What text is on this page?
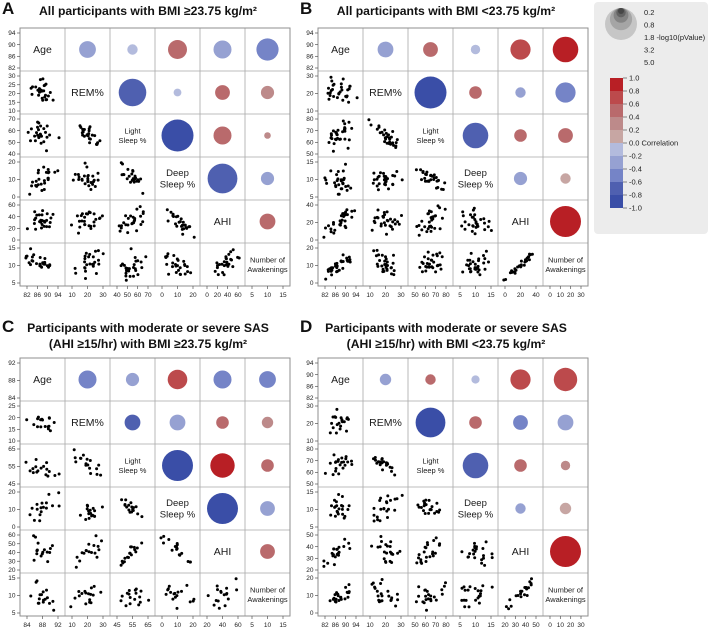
A	All participants with BMI ≥23.75 kg/m²
Age
REM%
Light
Sleep %
Deep
Sleep %
AHI
Number of
Awakenings
94
90
86
82
30
25
20
15
10
70
60
50
40
20
10
0
60
40
20
0
15
10
5
82 86 90 94 10 20 30 40 50 60 70 0 10 20 0 20 40 60 5 10 15
B	All participants with BMI <23.75 kg/m²
Age
REM%
Light
Sleep %
Deep
Sleep %
AHI
Number of
Awakenings
94
90
86
82
30
20
10
80
70
60
50
15
10
5
40
20
0
20
10
0
82 86 90 94 10 20 30 50 60 70 80 5 10 15 0 20 40 0 10 20 30
C	Participants with moderate or severe SAS
(AHI ≥15/hr) with BMI ≥23.75 kg/m²
Age
REM%
Light
Sleep %
Deep
Sleep %
AHI
Number of
Awakenings
92
88
84
25
20
15
10
65
55
45
20
10
0
60
50
40
30
20
15
10
5
84 88 92 10 20 30 45 55 65 0 10 20 20 40 60 5 10 15
D	Participants with moderate or severe SAS
(AHI ≥15/hr) with BMI <23.75 kg/m²
Age
REM%
Light
Sleep %
Deep
Sleep %
AHI
Number of
Awakenings
94
90
86
82
30
20
10
80
70
60
50
15
10
5
50
40
30
20
20
10
0
82 86 90 94 10 20 30 50 60 70 80 5 10 15 20 30 40 50 0 10 20 30
0.2
0.8
1.8 -log10(pValue)
3.2
5.0
1.0
0.8
0.6
0.4
0.2
0.0 Correlation
-0.2
-0.4
-0.6
-0.8
-1.0
